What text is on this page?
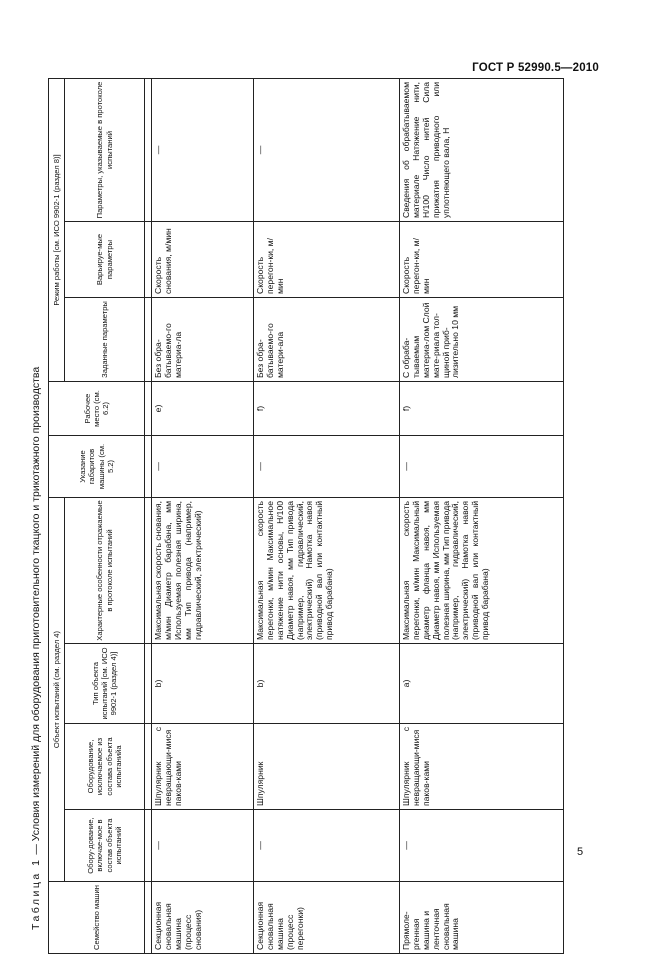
ГОСТ Р 52990.5—2010
Таблица 1 — Условия измерений для оборудования приготовительного ткацкого и трикотажного производства
Семейство машин	Объект испытаний (см. раздел 4)				Указание габаритов машины (см. 5.2)	Рабочее место (см. 6.2)	Режим работы [см. ИСО 9902-1 (раздел 8)]		
	Обору-дование, включае-мое в состав объекта испытаний	Оборудование, исключаемое из состава объекта испытанийa	Тип объекта испытаний [см. ИСО 9902-1 (раздел 4)]	Характерные особенности отражаемые в протоколе испытаний			Заданные параметры	Варьируе-мые параметры	Параметры, указываемые в протоколе испытаний

Секционная сновальная машина (процесс снования)	—	Шпулярник с невращающи-мися паков-ками	b)	Максимальная скорость снования, м/мин Диаметр барабана, мм Используемая полезная ширина, мм Тип привода (например, гидравлический, электрический)	—	e)	Без обра-батываемо-го материа-ла	Скорость снования, м/мин	—
Секционная сновальная машина (процесс перегонки)	—	Шпулярник	b)	Максимальная скорость перегонки, м/мин Максимальное натяжение нити основы, Н/100 Диаметр навоя, мм Тип привода (например, гидравлический, электрический) Намотка навоя (приводной вал или контактный привод барабана)	—	f)	Без обра-батываемо-го матери-ала	Скорость перегон-ки, м/мин	—
Прямоле-ргенная машина и ленточная сновальная машина	—	Шпулярник с невращающи-мися паков-ками	a)	Максимальная скорость перегонки, м/мин Максимальный диаметр фланца навоя, мм Диаметр навоя, мм Используемая полезная ширина, мм Тип привода (например, гидравлический, электрический) Намотка навоя (приводной вал или контактный привод барабана)	—	f)	С обраба-тываемым материа-лом Слой мате-риала тол-щиной приб-лизительно 10 мм	Скорость перегон-ки, м/мин	Сведения об обрабатываемом материале Натяжение нити, Н/100 Число нитей Сила прижатия приводного или уплотняющего вала, Н
5
